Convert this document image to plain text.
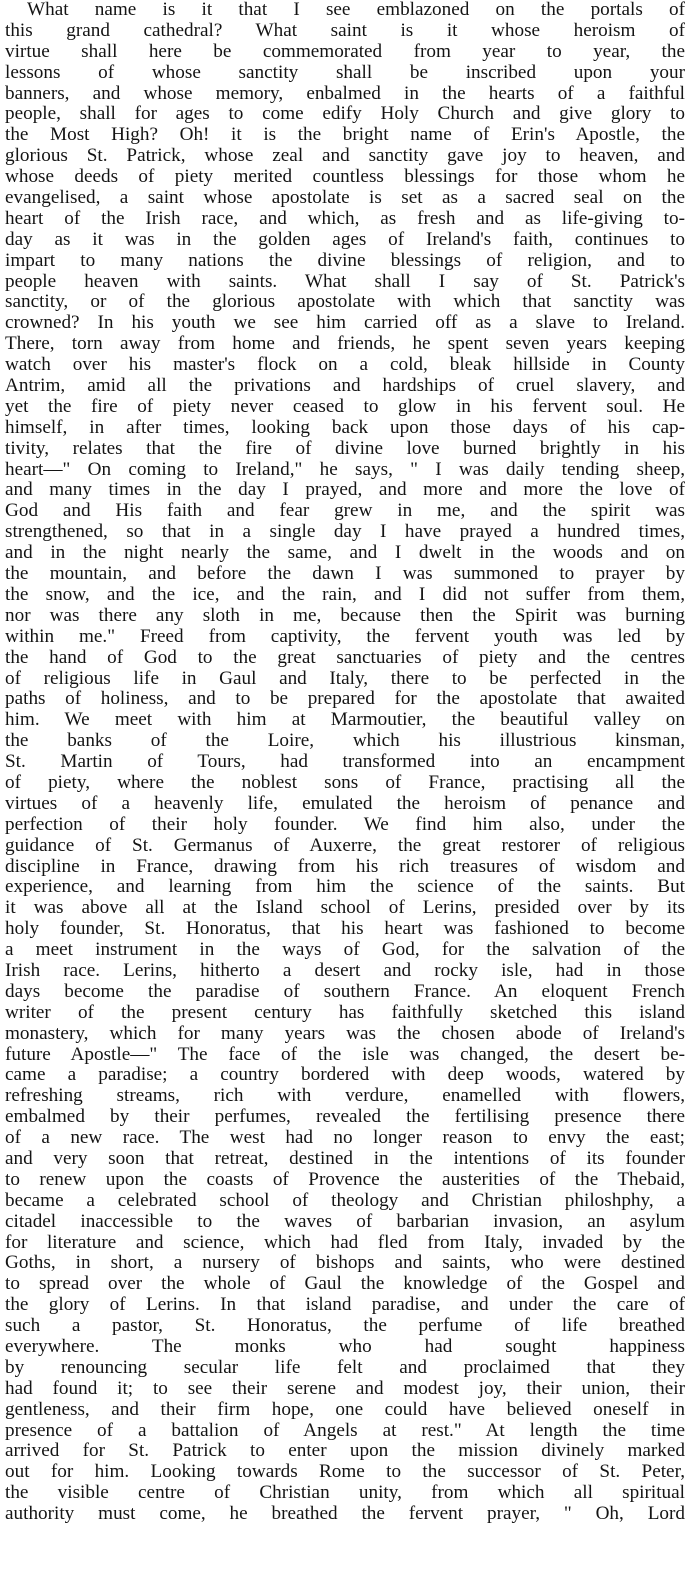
What name is it that I see emblazoned on the portals of
this grand cathedral? What saint is it whose heroism of
virtue shall here be commemorated from year to year, the
lessons of whose sanctity shall be inscribed upon your
banners, and whose memory, enbalmed in the hearts of a faithful
people, shall for ages to come edify Holy Church and give glory to
the Most High? Oh! it is the bright name of Erin's Apostle, the
glorious St. Patrick, whose zeal and sanctity gave joy to heaven, and
whose deeds of piety merited countless blessings for those whom he
evangelised, a saint whose apostolate is set as a sacred seal on the
heart of the Irish race, and which, as fresh and as life-giving to-
day as it was in the golden ages of Ireland's faith, continues to
impart to many nations the divine blessings of religion, and to
people heaven with saints. What shall I say of St. Patrick's
sanctity, or of the glorious apostolate with which that sanctity was
crowned? In his youth we see him carried off as a slave to Ireland.
There, torn away from home and friends, he spent seven years keeping
watch over his master's flock on a cold, bleak hillside in County
Antrim, amid all the privations and hardships of cruel slavery, and
yet the fire of piety never ceased to glow in his fervent soul. He
himself, in after times, looking back upon those days of his cap-
tivity, relates that the fire of divine love burned brightly in his
heart—" On coming to Ireland," he says, " I was daily tending sheep,
and many times in the day I prayed, and more and more the love of
God and His faith and fear grew in me, and the spirit was
strengthened, so that in a single day I have prayed a hundred times,
and in the night nearly the same, and I dwelt in the woods and on
the mountain, and before the dawn I was summoned to prayer by
the snow, and the ice, and the rain, and I did not suffer from them,
nor was there any sloth in me, because then the Spirit was burning
within me." Freed from captivity, the fervent youth was led by
the hand of God to the great sanctuaries of piety and the centres
of religious life in Gaul and Italy, there to be perfected in the
paths of holiness, and to be prepared for the apostolate that awaited
him. We meet with him at Marmoutier, the beautiful valley on
the banks of the Loire, which his illustrious kinsman,
St. Martin of Tours, had transformed into an encampment
of piety, where the noblest sons of France, practising all the
virtues of a heavenly life, emulated the heroism of penance and
perfection of their holy founder. We find him also, under the
guidance of St. Germanus of Auxerre, the great restorer of religious
discipline in France, drawing from his rich treasures of wisdom and
experience, and learning from him the science of the saints. But
it was above all at the Island school of Lerins, presided over by its
holy founder, St. Honoratus, that his heart was fashioned to become
a meet instrument in the ways of God, for the salvation of the
Irish race. Lerins, hitherto a desert and rocky isle, had in those
days become the paradise of southern France. An eloquent French
writer of the present century has faithfully sketched this island
monastery, which for many years was the chosen abode of Ireland's
future Apostle—" The face of the isle was changed, the desert be-
came a paradise; a country bordered with deep woods, watered by
refreshing streams, rich with verdure, enamelled with flowers,
embalmed by their perfumes, revealed the fertilising presence there
of a new race. The west had no longer reason to envy the east;
and very soon that retreat, destined in the intentions of its founder
to renew upon the coasts of Provence the austerities of the Thebaid,
became a celebrated school of theology and Christian philoshphy, a
citadel inaccessible to the waves of barbarian invasion, an asylum
for literature and science, which had fled from Italy, invaded by the
Goths, in short, a nursery of bishops and saints, who were destined
to spread over the whole of Gaul the knowledge of the Gospel and
the glory of Lerins. In that island paradise, and under the care of
such a pastor, St. Honoratus, the perfume of life breathed
everywhere. The monks who had sought happiness
by renouncing secular life felt and proclaimed that they
had found it; to see their serene and modest joy, their union, their
gentleness, and their firm hope, one could have believed oneself in
presence of a battalion of Angels at rest." At length the time
arrived for St. Patrick to enter upon the mission divinely marked
out for him. Looking towards Rome to the successor of St. Peter,
the visible centre of Christian unity, from which all spiritual
authority must come, he breathed the fervent prayer, " Oh, Lord
